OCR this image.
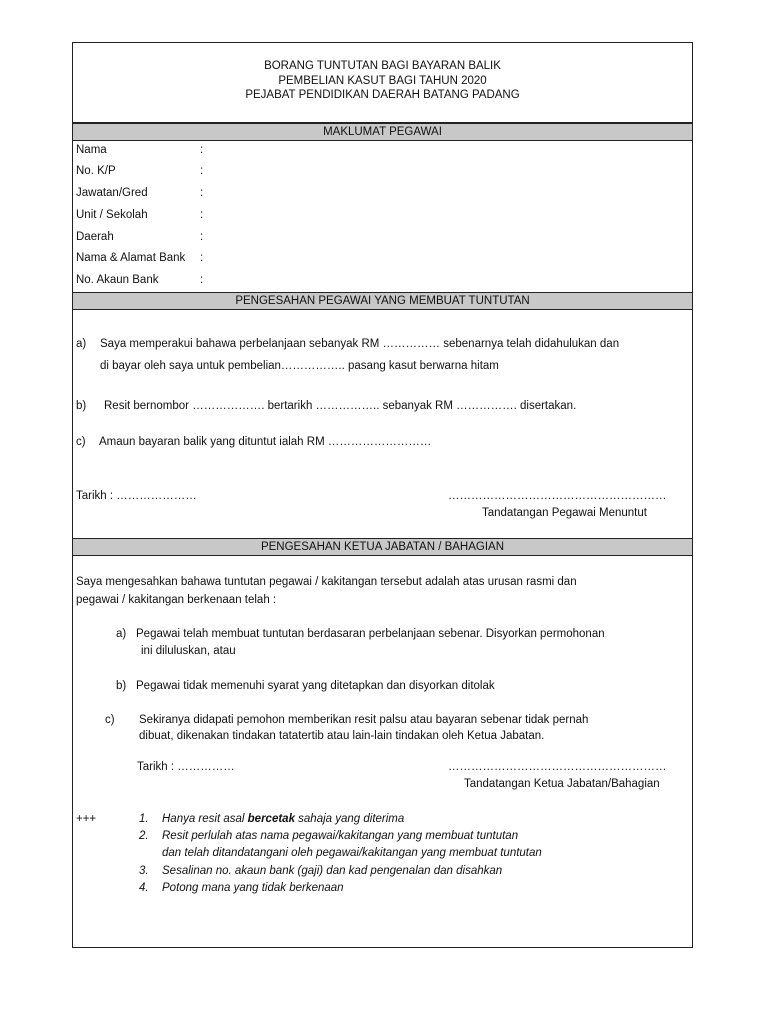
BORANG TUNTUTAN BAGI BAYARAN BALIK
PEMBELIAN KASUT BAGI TAHUN 2020
PEJABAT PENDIDIKAN DAERAH BATANG PADANG
MAKLUMAT PEGAWAI
Nama	:
No. K/P	:
Jawatan/Gred	:
Unit / Sekolah	:
Daerah	:
Nama & Alamat Bank :
No. Akaun Bank	:
PENGESAHAN PEGAWAI YANG MEMBUAT TUNTUTAN
a) Saya memperakui bahawa perbelanjaan sebanyak RM …………… sebenarnya telah didahulukan dan
di bayar oleh saya untuk pembelian…………….. pasang kasut berwarna hitam
b) Resit bernombor ………………. bertarikh …………….. sebanyak RM ……………. disertakan.
c) Amaun bayaran balik yang dituntut ialah RM ………………………
Tarikh : …………………	…………………………………………………
Tandatangan Pegawai Menuntut
PENGESAHAN KETUA JABATAN / BAHAGIAN
Saya mengesahkan bahawa tuntutan pegawai / kakitangan tersebut adalah atas urusan rasmi dan
pegawai / kakitangan berkenaan telah :
a) Pegawai telah membuat tuntutan berdasaran perbelanjaan sebenar. Disyorkan permohonan
ini diluluskan, atau
b) Pegawai tidak memenuhi syarat yang ditetapkan dan disyorkan ditolak
c) Sekiranya didapati pemohon memberikan resit palsu atau bayaran sebenar tidak pernah
dibuat, dikenakan tindakan tatatertib atau lain-lain tindakan oleh Ketua Jabatan.
Tarikh : ……………	…………………………………………………
Tandatangan Ketua Jabatan/Bahagian
+++	1. Hanya resit asal bercetak sahaja yang diterima
2. Resit perlulah atas nama pegawai/kakitangan yang membuat tuntutan
dan telah ditandatangani oleh pegawai/kakitangan yang membuat tuntutan
3. Sesalinan no. akaun bank (gaji) dan kad pengenalan dan disahkan
4. Potong mana yang tidak berkenaan
